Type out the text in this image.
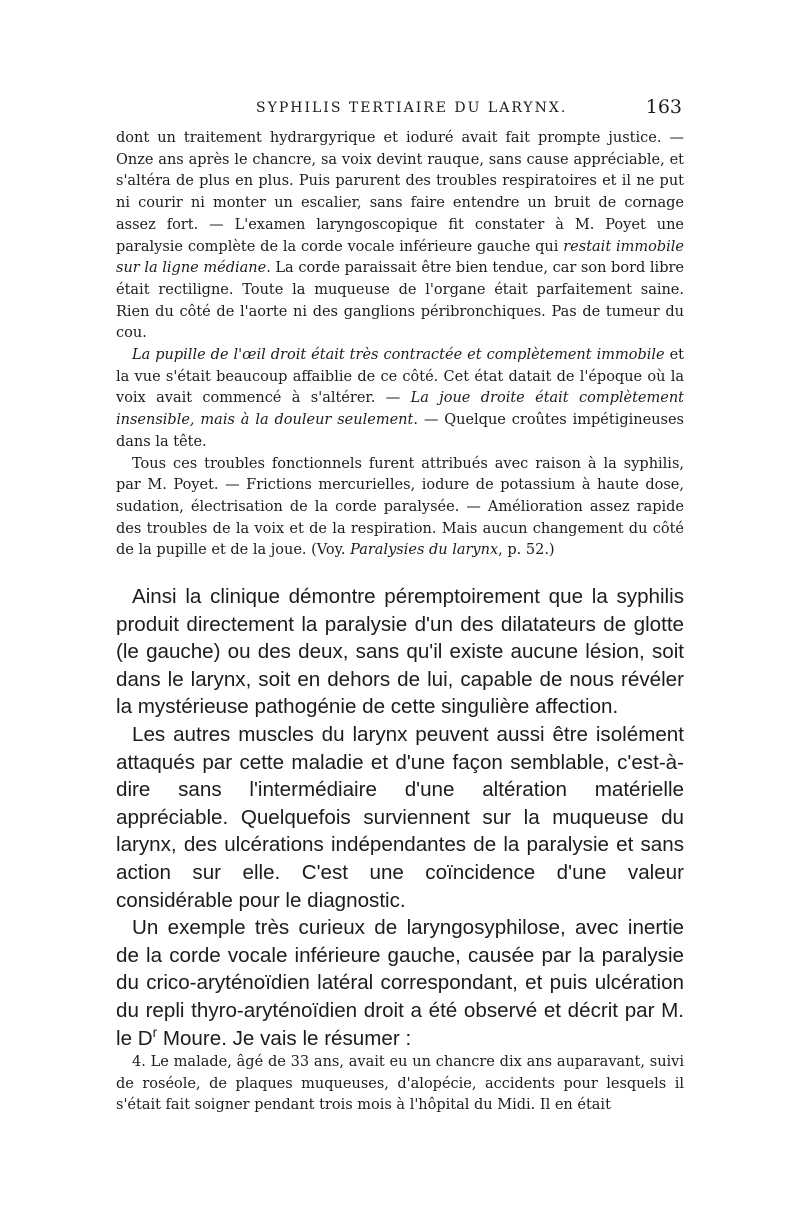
SYPHILIS TERTIAIRE DU LARYNX.	163

dont un traitement hydrargyrique et ioduré avait fait prompte justice. — Onze ans après le chancre, sa voix devint rauque, sans cause appréciable, et s'altéra de plus en plus. Puis parurent des troubles respiratoires et il ne put ni courir ni monter un escalier, sans faire entendre un bruit de cornage assez fort. — L'examen laryngoscopique fit constater à M. Poyet une paralysie complète de la corde vocale inférieure gauche qui restait immobile sur la ligne médiane. La corde paraissait être bien tendue, car son bord libre était rectiligne. Toute la muqueuse de l'organe était parfaitement saine. Rien du côté de l'aorte ni des ganglions péribronchiques. Pas de tumeur du cou.

La pupille de l'œil droit était très contractée et complètement immobile et la vue s'était beaucoup affaiblie de ce côté. Cet état datait de l'époque où la voix avait commencé à s'altérer. — La joue droite était complètement insensible, mais à la douleur seulement. — Quelque croûtes impétigineuses dans la tête.

Tous ces troubles fonctionnels furent attribués avec raison à la syphilis, par M. Poyet. — Frictions mercurielles, iodure de potassium à haute dose, sudation, électrisation de la corde paralysée. — Amélioration assez rapide des troubles de la voix et de la respiration. Mais aucun changement du côté de la pupille et de la joue. (Voy. Paralysies du larynx, p. 52.)

Ainsi la clinique démontre péremptoirement que la syphilis produit directement la paralysie d'un des dilatateurs de glotte (le gauche) ou des deux, sans qu'il existe aucune lésion, soit dans le larynx, soit en dehors de lui, capable de nous révéler la mystérieuse pathogénie de cette singulière affection.

Les autres muscles du larynx peuvent aussi être isolément attaqués par cette maladie et d'une façon semblable, c'est-à-dire sans l'intermédiaire d'une altération matérielle appréciable. Quelquefois surviennent sur la muqueuse du larynx, des ulcérations indépendantes de la paralysie et sans action sur elle. C'est une coïncidence d'une valeur considérable pour le diagnostic.

Un exemple très curieux de laryngosyphilose, avec inertie de la corde vocale inférieure gauche, causée par la paralysie du crico-aryténoïdien latéral correspondant, et puis ulcération du repli thyro-aryténoïdien droit a été observé et décrit par M. le $D^r$ Moure. Je vais le résumer :

4. Le malade, âgé de 33 ans, avait eu un chancre dix ans auparavant, suivi de roséole, de plaques muqueuses, d'alopécie, accidents pour lesquels il s'était fait soigner pendant trois mois à l'hôpital du Midi. Il en était
